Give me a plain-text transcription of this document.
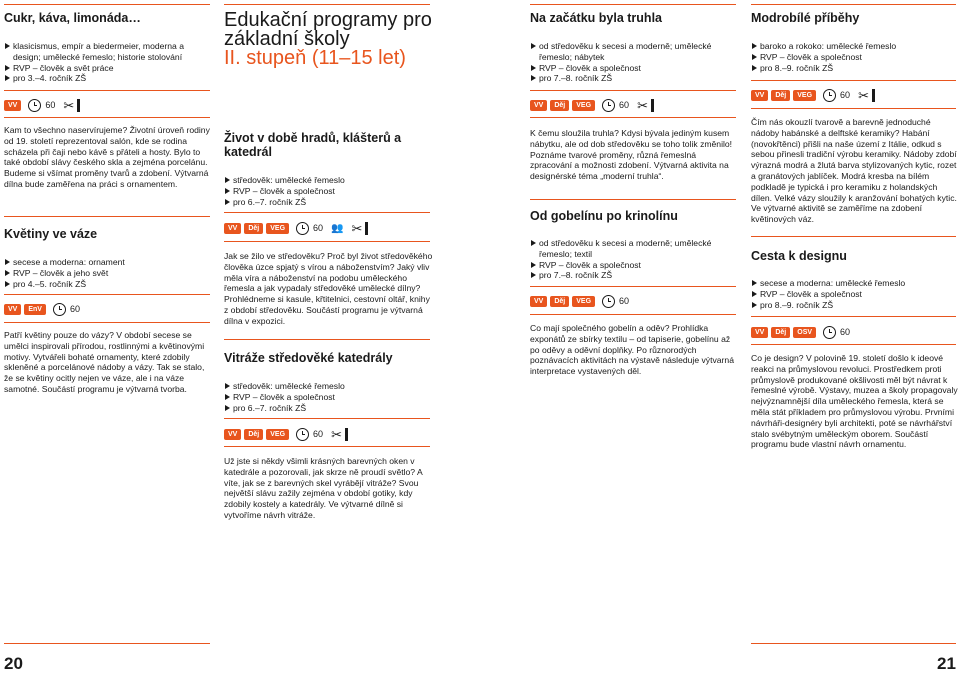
Cukr, káva, limonáda…
klasicismus, empír a biedermeier, moderna a design; umělecké řemeslo; historie stolování
RVP – člověk a svět práce
pro 3.–4. ročník ZŠ
VV	60 ✂
Kam to všechno naservírujeme? Životní úroveň rodiny od 19. století reprezentoval salón, kde se rodina scházela při čaji nebo kávě s přáteli a hosty. Bylo to také období slávy českého skla a zejména porcelánu. Budeme si všímat proměny tvarů a zdobení. Výtvarná dílna bude zaměřena na práci s ornamentem.
Květiny ve váze
secese a moderna: ornament
RVP – člověk a jeho svět
pro 4.–5. ročník ZŠ
VV	EnV	60
Patří květiny pouze do vázy? V období secese se umělci inspirovali přírodou, rostlinnými a květinovými motivy. Vytvářeli bohaté ornamenty, které zdobily skleněné a porcelánové nádoby a vázy. Tak se stalo, že se květiny ocitly nejen ve váze, ale i na váze samotné. Součástí programu je výtvarná tvorba.
20
Edukační programy pro
základní školy
II. stupeň (11–15 let)
Život v době hradů, klášterů a katedrál
středověk: umělecké řemeslo
RVP – člověk a společnost
pro 6.–7. ročník ZŠ
VV	Děj	VEG	60 👥 ✂
Jak se žilo ve středověku? Proč byl život středověkého člověka úzce spjatý s vírou a náboženstvím? Jaký vliv měla víra a náboženství na podobu uměleckého řemesla a jak vypadaly středověké umělecké dílny? Prohlédneme si kasule, křtitelnici, cestovní oltář, knihy z období středověku. Součástí programu je výtvarná dílna v expozici.
Vitráže středověké katedrály
středověk: umělecké řemeslo
RVP – člověk a společnost
pro 6.–7. ročník ZŠ
VV	Děj	VEG	60 ✂
Už jste si někdy všimli krásných barevných oken v katedrále a pozorovali, jak skrze ně proudí světlo? A víte, jak se z barevných skel vyrábějí vitráže? Svou největší slávu zažily zejména v období gotiky, kdy zdobily kostely a katedrály. Ve výtvarné dílně si vytvoříme návrh vitráže.
Na začátku byla truhla
od středověku k secesi a moderně; umělecké řemeslo; nábytek
RVP – člověk a společnost
pro 7.–8. ročník ZŠ
VV	Děj	VEG	60 ✂
K čemu sloužila truhla? Kdysi bývala jediným kusem nábytku, ale od dob středověku se toho tolik změnilo! Poznáme tvarové proměny, různá řemeslná zpracování a možnosti zdobení. Výtvarná aktivita na designérské téma „moderní truhla“.
Od gobelínu po krinolínu
od středověku k secesi a moderně; umělecké řemeslo; textil
RVP – člověk a společnost
pro 7.–8. ročník ZŠ
VV	Děj	VEG	60
Co mají společného gobelín a oděv? Prohlídka exponátů ze sbírky textilu – od tapiserie, gobelínu až po oděvy a oděvní doplňky. Po různorodých poznávacích aktivitách na výstavě následuje výtvarná interpretace vystavených děl.
Modrobílé příběhy
baroko a rokoko: umělecké řemeslo
RVP – člověk a společnost
pro 8.–9. ročník ZŠ
VV	Děj	VEG	60 ✂
Čím nás okouzlí tvarově a barevně jednoduché nádoby habánské a delftské keramiky? Habání (novokřtěnci) přišli na naše území z Itálie, odkud s sebou přinesli tradiční výrobu keramiky. Nádoby zdobí výrazná modrá a žlutá barva stylizovaných kytic, rozet a granátových jablíček. Modrá kresba na bílém podkladě je typická i pro keramiku z holandských dílen. Velké vázy sloužily k aranžování bohatých kytic. Ve výtvarné aktivitě se zaměříme na zdobení květinových váz.
Cesta k designu
secese a moderna: umělecké řemeslo
RVP – člověk a společnost
pro 8.–9. ročník ZŠ
VV	Děj	OSV	60
Co je design? V polovině 19. století došlo k ideové reakci na průmyslovou revoluci. Prostředkem proti průmyslově produkované okšlivosti měl být návrat k řemeslné výrobě. Výstavy, muzea a školy propagovaly nejvýznamnější díla uměleckého řemesla, která se měla stát příkladem pro průmyslovou výrobu. Prvními návrháři-designéry byli architekti, poté se návrhářství stalo svébytným uměleckým oborem. Součástí programu bude vlastní návrh ornamentu.
21
